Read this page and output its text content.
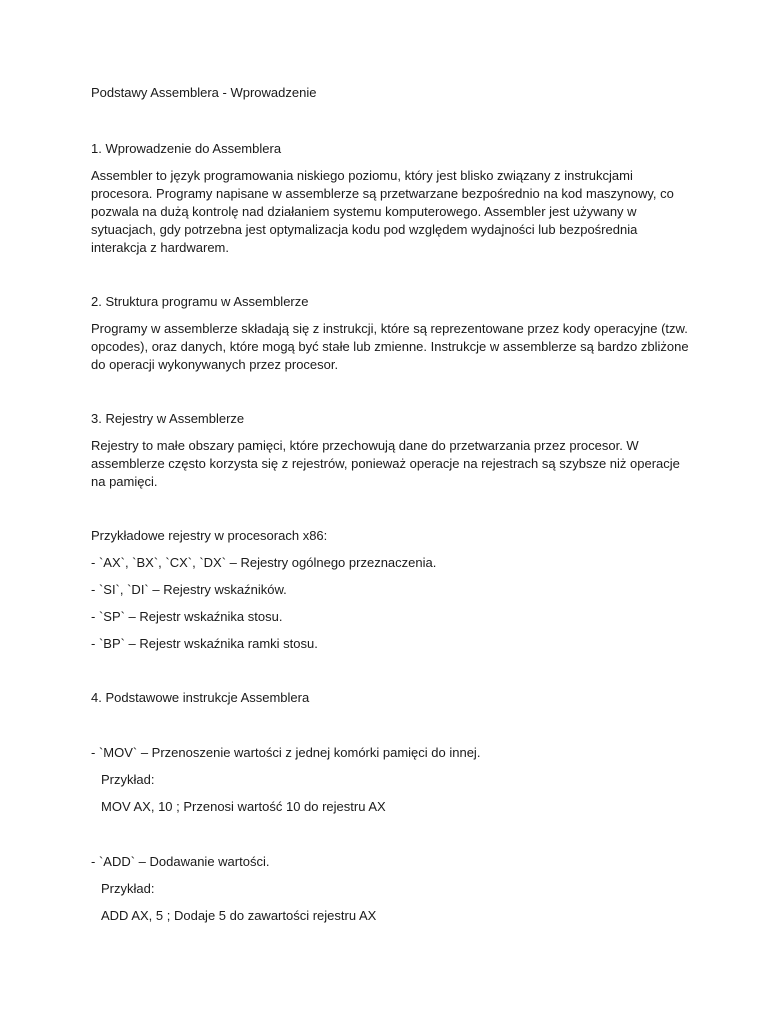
Podstawy Assemblera - Wprowadzenie

1. Wprowadzenie do Assemblera

Assembler to język programowania niskiego poziomu, który jest blisko związany z instrukcjami procesora. Programy napisane w assemblerze są przetwarzane bezpośrednio na kod maszynowy, co pozwala na dużą kontrolę nad działaniem systemu komputerowego. Assembler jest używany w sytuacjach, gdy potrzebna jest optymalizacja kodu pod względem wydajności lub bezpośrednia interakcja z hardwarem.

2. Struktura programu w Assemblerze

Programy w assemblerze składają się z instrukcji, które są reprezentowane przez kody operacyjne (tzw. opcodes), oraz danych, które mogą być stałe lub zmienne. Instrukcje w assemblerze są bardzo zbliżone do operacji wykonywanych przez procesor.

3. Rejestry w Assemblerze

Rejestry to małe obszary pamięci, które przechowują dane do przetwarzania przez procesor. W assemblerze często korzysta się z rejestrów, ponieważ operacje na rejestrach są szybsze niż operacje na pamięci.

Przykładowe rejestry w procesorach x86:

- `AX`, `BX`, `CX`, `DX` – Rejestry ogólnego przeznaczenia.

- `SI`, `DI` – Rejestry wskaźników.

- `SP` – Rejestr wskaźnika stosu.

- `BP` – Rejestr wskaźnika ramki stosu.

4. Podstawowe instrukcje Assemblera

- `MOV` – Przenoszenie wartości z jednej komórki pamięci do innej.

Przykład:

MOV AX, 10 ; Przenosi wartość 10 do rejestru AX

- `ADD` – Dodawanie wartości.

Przykład:

ADD AX, 5 ; Dodaje 5 do zawartości rejestru AX
